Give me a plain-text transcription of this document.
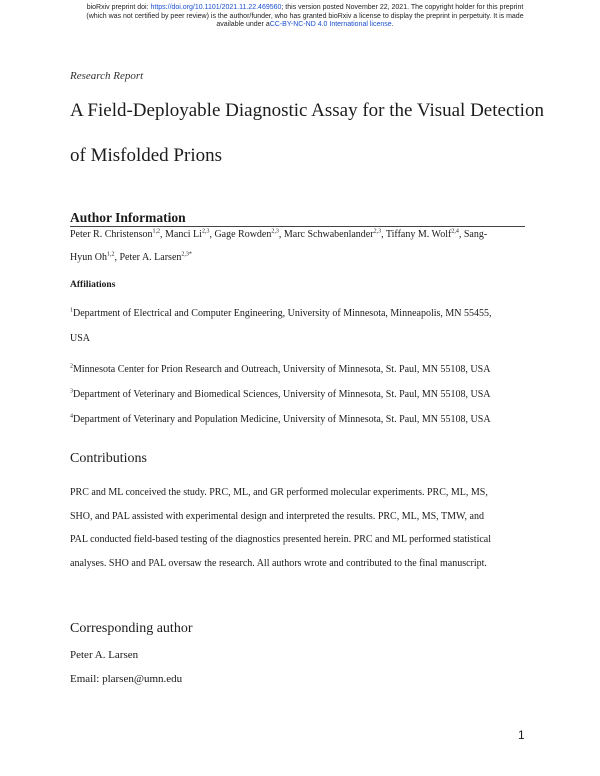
bioRxiv preprint doi: https://doi.org/10.1101/2021.11.22.469560; this version posted November 22, 2021. The copyright holder for this preprint
(which was not certified by peer review) is the author/funder, who has granted bioRxiv a license to display the preprint in perpetuity. It is made
available under aCC-BY-NC-ND 4.0 International license.
Research Report
A Field-Deployable Diagnostic Assay for the Visual Detection
of Misfolded Prions
Author Information
Peter R. Christenson$^{1,2}$, Manci Li$^{2,3}$, Gage Rowden$^{2,3}$, Marc Schwabenlander$^{2,3}$, Tiffany M. Wolf$^{2,4}$, Sang-
Hyun Oh$^{1,2}$, Peter A. Larsen$^{2,3*}$
Affiliations
$^1$Department of Electrical and Computer Engineering, University of Minnesota, Minneapolis, MN 55455,
USA
$^2$Minnesota Center for Prion Research and Outreach, University of Minnesota, St. Paul, MN 55108, USA
$^3$Department of Veterinary and Biomedical Sciences, University of Minnesota, St. Paul, MN 55108, USA
$^4$Department of Veterinary and Population Medicine, University of Minnesota, St. Paul, MN 55108, USA
Contributions
PRC and ML conceived the study. PRC, ML, and GR performed molecular experiments. PRC, ML, MS,
SHO, and PAL assisted with experimental design and interpreted the results. PRC, ML, MS, TMW, and
PAL conducted field-based testing of the diagnostics presented herein. PRC and ML performed statistical
analyses. SHO and PAL oversaw the research. All authors wrote and contributed to the final manuscript.
Corresponding author
Peter A. Larsen
Email: plarsen@umn.edu
1
